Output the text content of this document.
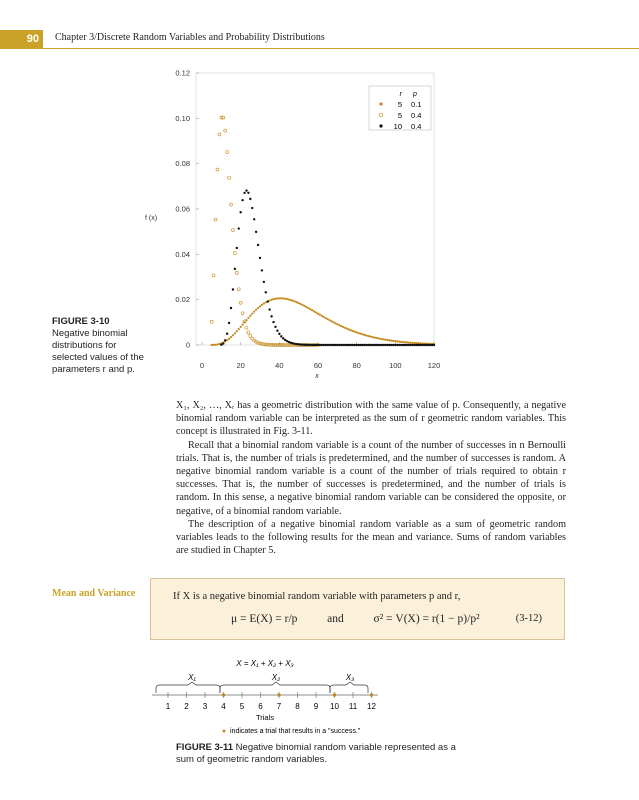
90	Chapter 3/Discrete Random Variables and Probability Distributions
0	20	40	60	80	100	120
0
0.02
0.04
0.06
0.08
0.10
0.12
f (x)
x
r p
5 0.1
5 0.4
10 0.4
FIGURE 3-10
Negative binomial distributions for selected values of the parameters r and p.

X₁, X₂, …, Xᵣ has a geometric distribution with the same value of p. Consequently, a negative binomial random variable can be interpreted as the sum of r geometric random variables. This concept is illustrated in Fig. 3-11.

Recall that a binomial random variable is a count of the number of successes in n Bernoulli trials. That is, the number of trials is predetermined, and the number of successes is random. A negative binomial random variable is a count of the number of trials required to obtain r successes. That is, the number of successes is predetermined, and the number of trials is random. In this sense, a negative binomial random variable can be considered the opposite, or negative, of a binomial random variable.

The description of a negative binomial random variable as a sum of geometric random variables leads to the following results for the mean and variance. Sums of random variables are studied in Chapter 5.

Mean and Variance	If X is a negative binomial random variable with parameters p and r,
μ = E(X) = r/p	and	σ² = V(X) = r(1 − p)/p²	(3-12)
X = X₁ + X₂ + X₃
X₁	X₂	X₃
1 2 3 4 5 6 7 8 9 10 11 12
Trials
indicates a trial that results in a "success."
FIGURE 3-11 Negative binomial random variable represented as a sum of geometric random variables.
